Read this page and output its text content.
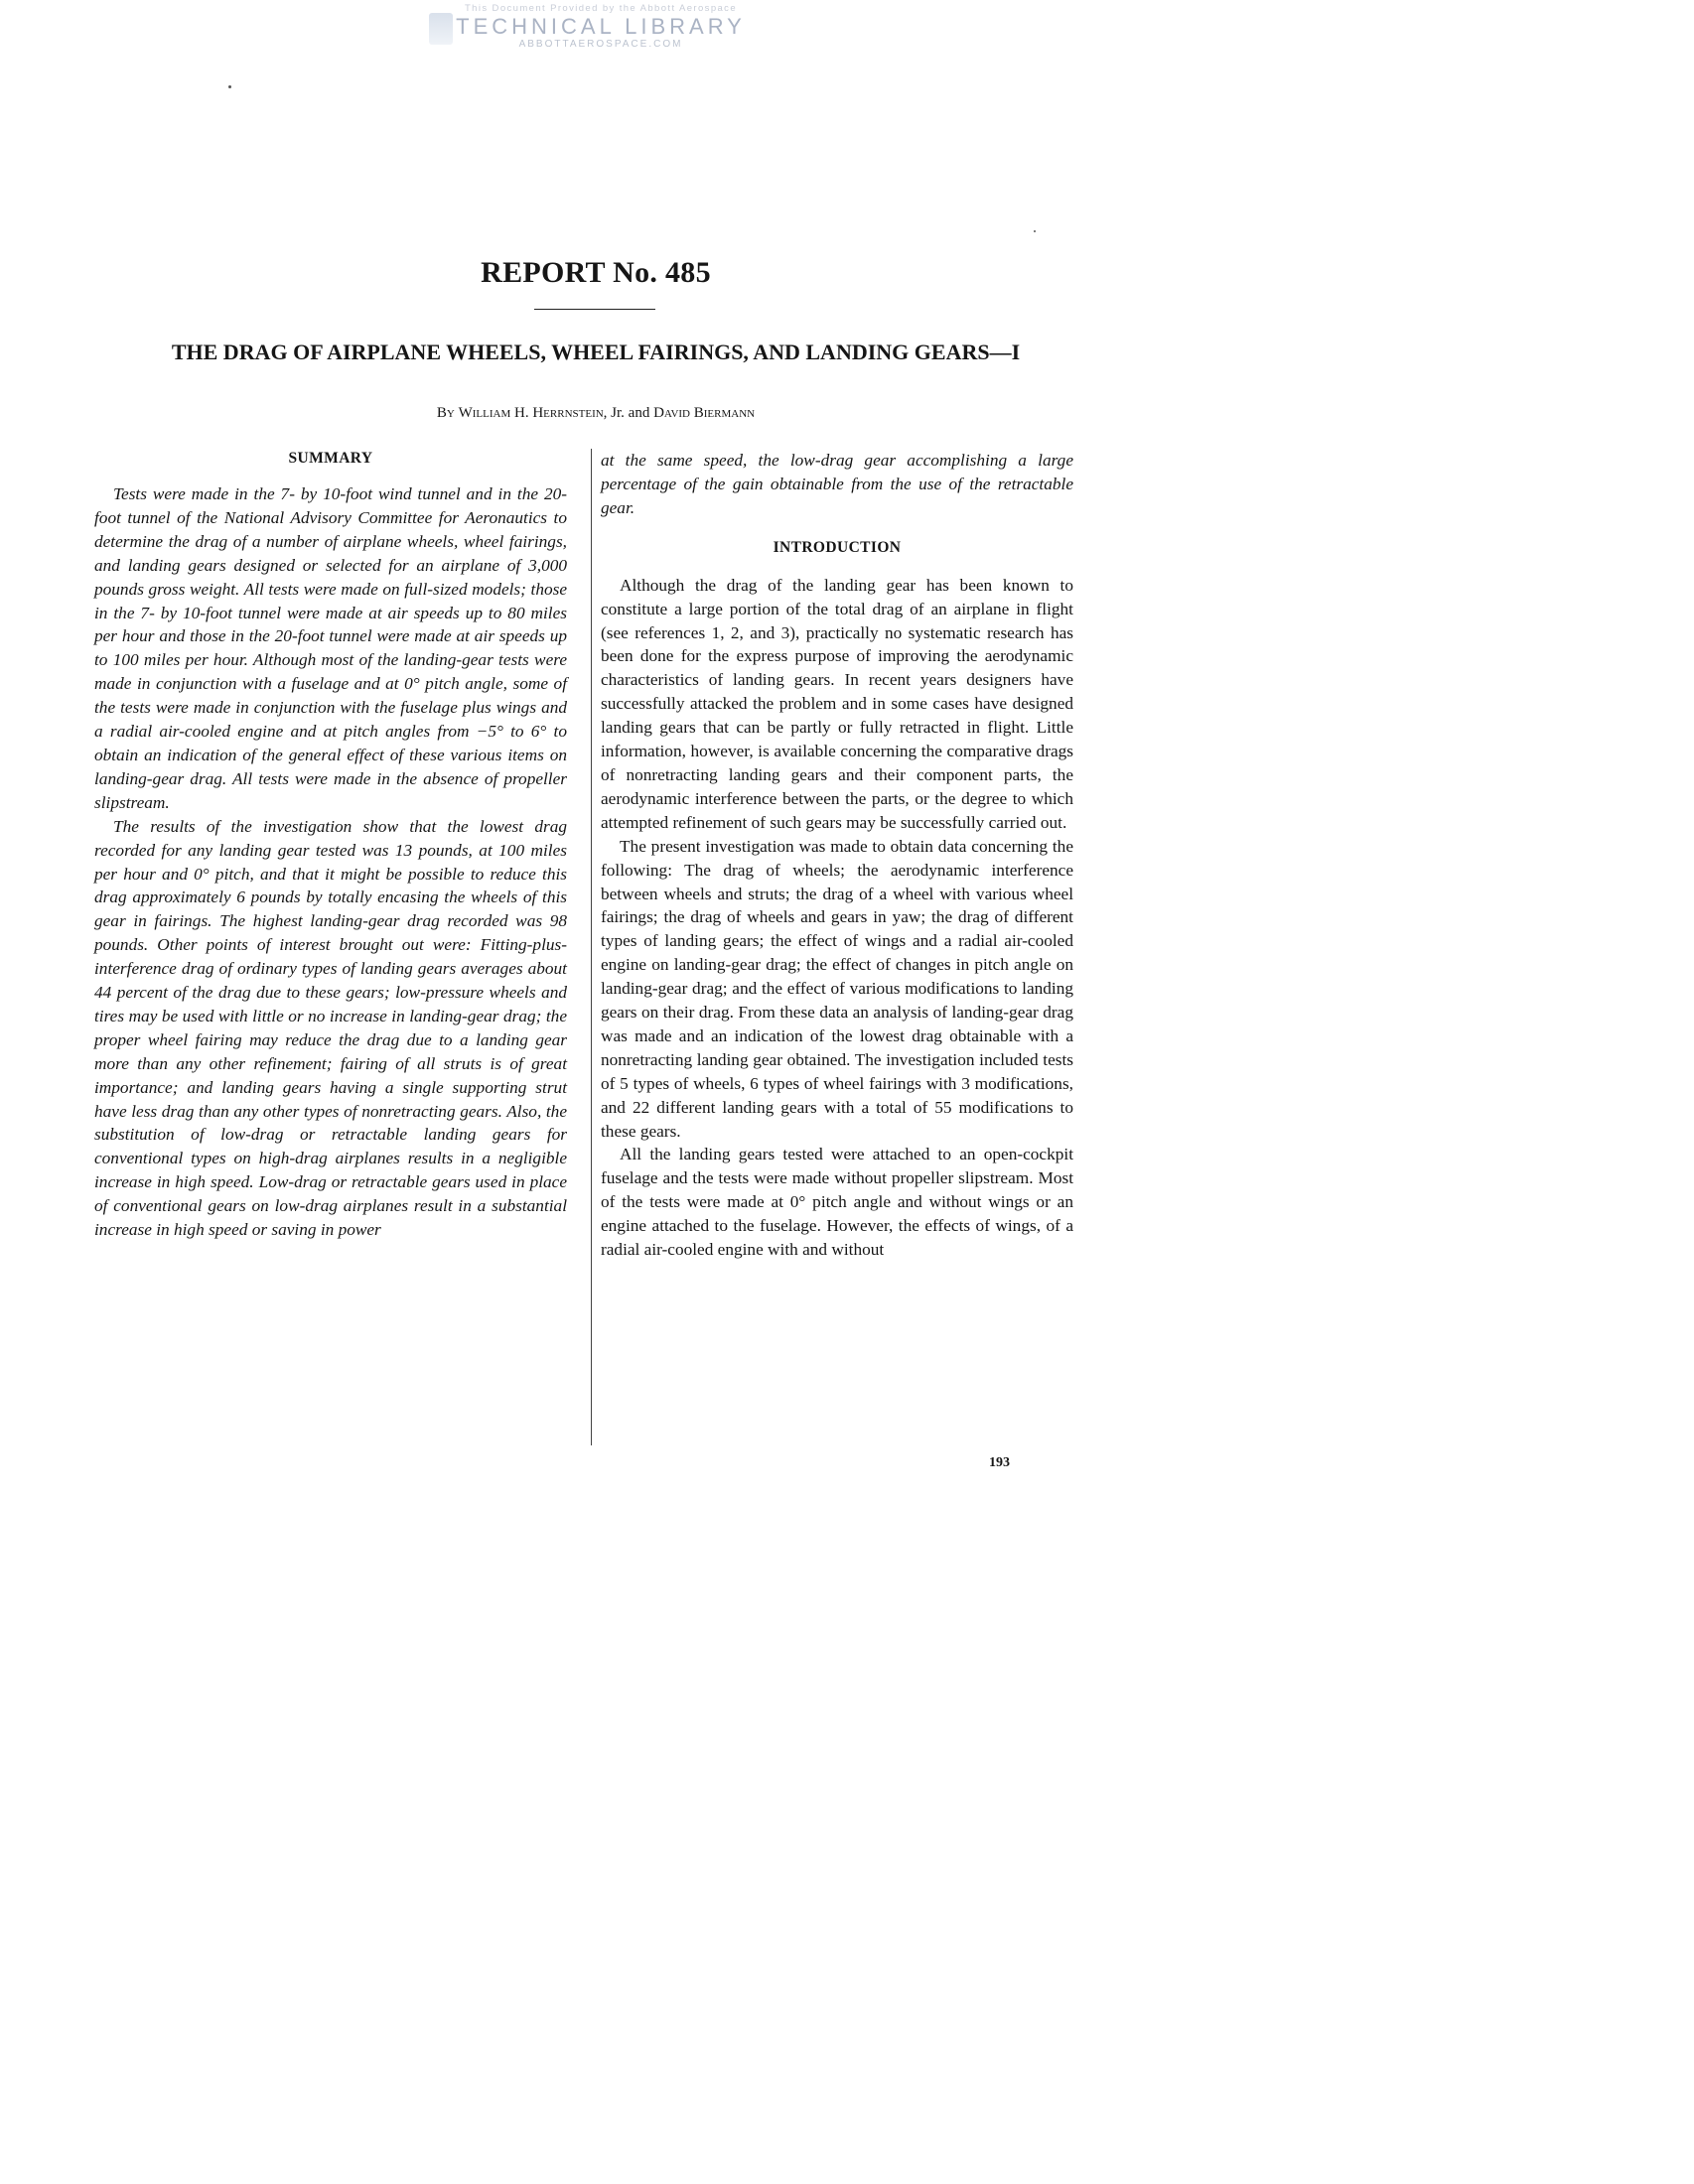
This Document Provided by the Abbott Aerospace
TECHNICAL LIBRARY
ABBOTTAEROSPACE.COM
REPORT No. 485
THE DRAG OF AIRPLANE WHEELS, WHEEL FAIRINGS, AND LANDING GEARS—I
By William H. Herrnstein, Jr. and David Biermann
SUMMARY

Tests were made in the 7- by 10-foot wind tunnel and in the 20-foot tunnel of the National Advisory Committee for Aeronautics to determine the drag of a number of airplane wheels, wheel fairings, and landing gears designed or selected for an airplane of 3,000 pounds gross weight. All tests were made on full-sized models; those in the 7- by 10-foot tunnel were made at air speeds up to 80 miles per hour and those in the 20-foot tunnel were made at air speeds up to 100 miles per hour. Although most of the landing-gear tests were made in conjunction with a fuselage and at 0° pitch angle, some of the tests were made in conjunction with the fuselage plus wings and a radial air-cooled engine and at pitch angles from −5° to 6° to obtain an indication of the general effect of these various items on landing-gear drag. All tests were made in the absence of propeller slipstream.

The results of the investigation show that the lowest drag recorded for any landing gear tested was 13 pounds, at 100 miles per hour and 0° pitch, and that it might be possible to reduce this drag approximately 6 pounds by totally encasing the wheels of this gear in fairings. The highest landing-gear drag recorded was 98 pounds. Other points of interest brought out were: Fitting-plus-interference drag of ordinary types of landing gears averages about 44 percent of the drag due to these gears; low-pressure wheels and tires may be used with little or no increase in landing-gear drag; the proper wheel fairing may reduce the drag due to a landing gear more than any other refinement; fairing of all struts is of great importance; and landing gears having a single supporting strut have less drag than any other types of nonretracting gears. Also, the substitution of low-drag or retractable landing gears for conventional types on high-drag airplanes results in a negligible increase in high speed. Low-drag or retractable gears used in place of conventional gears on low-drag airplanes result in a substantial increase in high speed or saving in power

at the same speed, the low-drag gear accomplishing a large percentage of the gain obtainable from the use of the retractable gear.

INTRODUCTION

Although the drag of the landing gear has been known to constitute a large portion of the total drag of an airplane in flight (see references 1, 2, and 3), practically no systematic research has been done for the express purpose of improving the aerodynamic characteristics of landing gears. In recent years designers have successfully attacked the problem and in some cases have designed landing gears that can be partly or fully retracted in flight. Little information, however, is available concerning the comparative drags of nonretracting landing gears and their component parts, the aerodynamic interference between the parts, or the degree to which attempted refinement of such gears may be successfully carried out.

The present investigation was made to obtain data concerning the following: The drag of wheels; the aerodynamic interference between wheels and struts; the drag of a wheel with various wheel fairings; the drag of wheels and gears in yaw; the drag of different types of landing gears; the effect of wings and a radial air-cooled engine on landing-gear drag; the effect of changes in pitch angle on landing-gear drag; and the effect of various modifications to landing gears on their drag. From these data an analysis of landing-gear drag was made and an indication of the lowest drag obtainable with a nonretracting landing gear obtained. The investigation included tests of 5 types of wheels, 6 types of wheel fairings with 3 modifications, and 22 different landing gears with a total of 55 modifications to these gears.

All the landing gears tested were attached to an open-cockpit fuselage and the tests were made without propeller slipstream. Most of the tests were made at 0° pitch angle and without wings or an engine attached to the fuselage. However, the effects of wings, of a radial air-cooled engine with and without

193
